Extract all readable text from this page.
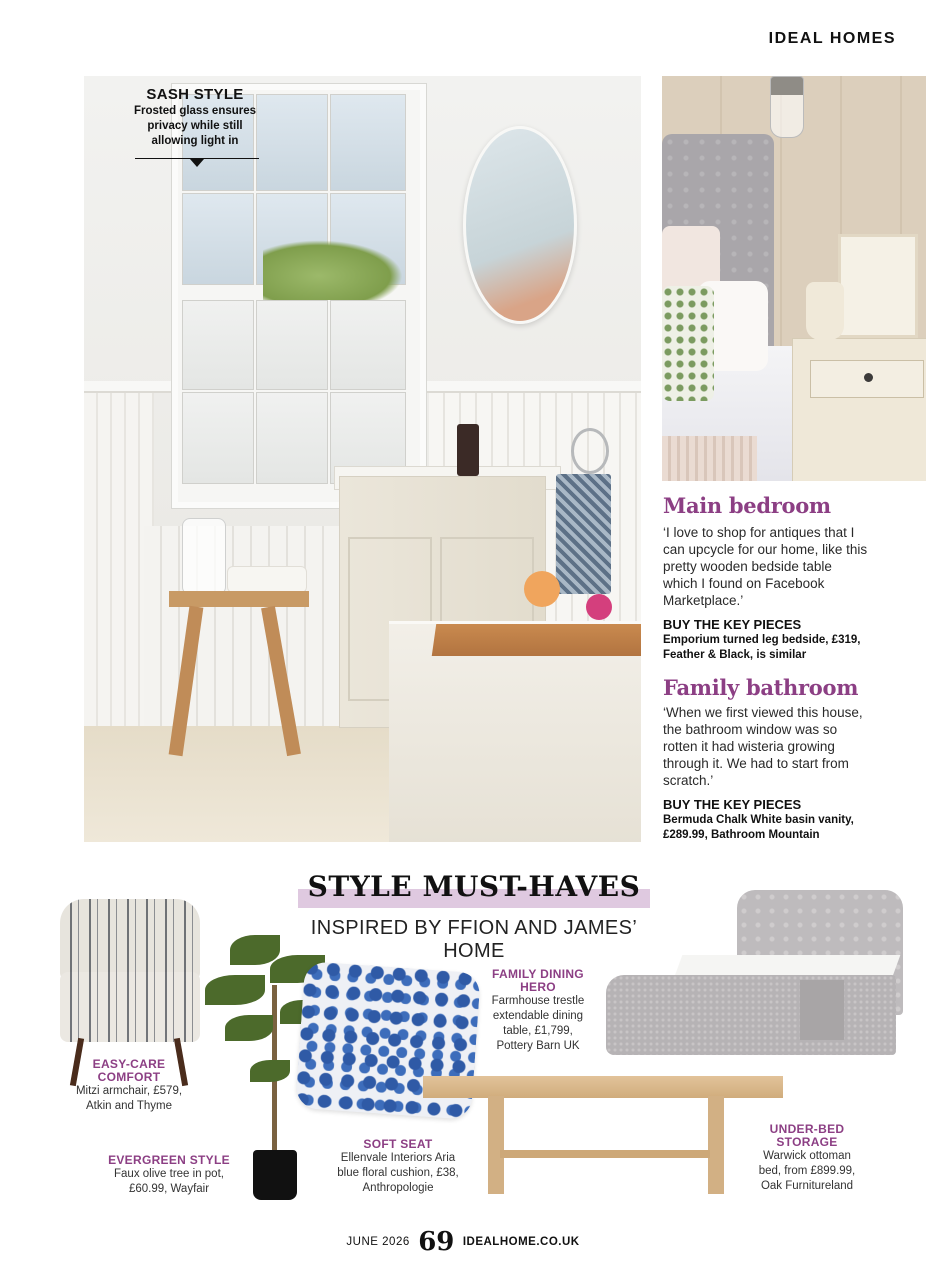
IDEAL HOMES
SASH STYLE
Frosted glass ensures privacy while still allowing light in
Main bedroom
‘I love to shop for antiques that I can upcycle for our home, like this pretty wooden bedside table which I found on Facebook Marketplace.’
BUY THE KEY PIECES
Emporium turned leg bedside, £319, Feather & Black, is similar
Family bathroom
‘When we first viewed this house, the bathroom window was so rotten it had wisteria growing through it. We had to start from scratch.’
BUY THE KEY PIECES
Bermuda Chalk White basin vanity, £289.99, Bathroom Mountain
STYLE MUST-HAVES
INSPIRED BY FFION AND JAMES’ HOME
EASY-CARE COMFORT
Mitzi armchair, £579, Atkin and Thyme
EVERGREEN STYLE
Faux olive tree in pot, £60.99, Wayfair
SOFT SEAT
Ellenvale Interiors Aria blue floral cushion, £38, Anthropologie
FAMILY DINING HERO
Farmhouse trestle extendable dining table, £1,799, Pottery Barn UK
UNDER-BED STORAGE
Warwick ottoman bed, from £899.99, Oak Furnitureland
JUNE 2026 69 IDEALHOME.CO.UK
